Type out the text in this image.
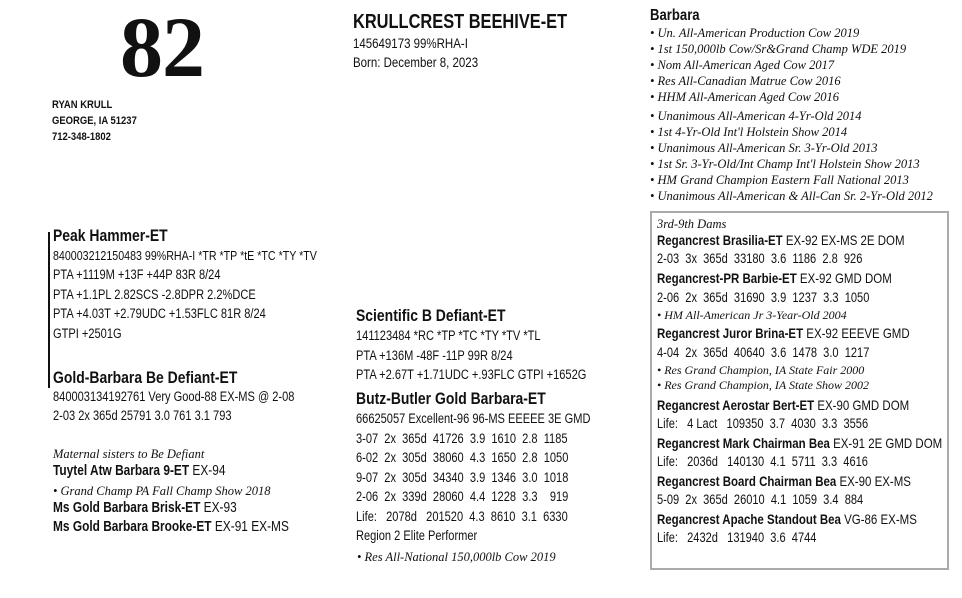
82
RYAN KRULL
GEORGE, IA 51237
712-348-1802
KRULLCREST BEEHIVE-ET
145649173 99%RHA-I
Born: December 8, 2023
Barbara
• Un. All-American Production Cow 2019
• 1st 150,000lb Cow/Sr&Grand Champ WDE 2019
• Nom All-American Aged Cow 2017
• Res All-Canadian Matrue Cow 2016
• HHM All-American Aged Cow 2016
• Unanimous All-American 4-Yr-Old 2014
• 1st 4-Yr-Old Int'l Holstein Show 2014
• Unanimous All-American Sr. 3-Yr-Old 2013
• 1st Sr. 3-Yr-Old/Int Champ Int'l Holstein Show 2013
• HM Grand Champion Eastern Fall National 2013
• Unanimous All-American & All-Can Sr. 2-Yr-Old 2012
Peak Hammer-ET
840003212150483 99%RHA-I *TR *TP *tE *TC *TY *TV
PTA +1119M +13F +44P 83R 8/24
PTA +1.1PL 2.82SCS -2.8DPR 2.2%DCE
PTA +4.03T +2.79UDC +1.53FLC 81R 8/24
GTPI +2501G
Gold-Barbara Be Defiant-ET
840003134192761 Very Good-88 EX-MS @ 2-08
2-03 2x 365d 25791 3.0 761 3.1 793
Maternal sisters to Be Defiant
Tuytel Atw Barbara 9-ET EX-94
• Grand Champ PA Fall Champ Show 2018
Ms Gold Barbara Brisk-ET EX-93
Ms Gold Barbara Brooke-ET EX-91 EX-MS
Scientific B Defiant-ET
141123484 *RC *TP *TC *TY *TV *TL
PTA +136M -48F -11P 99R 8/24
PTA +2.67T +1.71UDC +.93FLC GTPI +1652G
Butz-Butler Gold Barbara-ET
66625057 Excellent-96 96-MS EEEEE 3E GMD
3-07  2x  365d  41726  3.9  1610  2.8  1185
6-02  2x  305d  38060  4.3  1650  2.8  1050
9-07  2x  305d  34340  3.9  1346  3.0  1018
2-06  2x  339d  28060  4.4  1228  3.3    919
Life:   2078d   201520  4.3  8610  3.1  6330
Region 2 Elite Performer
• Res All-National 150,000lb Cow 2019
3rd-9th Dams
Regancrest Brasilia-ET EX-92 EX-MS 2E DOM
2-03  3x  365d  33180  3.6  1186  2.8  926
Regancrest-PR Barbie-ET EX-92 GMD DOM
2-06  2x  365d  31690  3.9  1237  3.3  1050
• HM All-American Jr 3-Year-Old 2004
Regancrest Juror Brina-ET EX-92 EEEVE GMD
4-04  2x  365d  40640  3.6  1478  3.0  1217
• Res Grand Champion, IA State Fair 2000
• Res Grand Champion, IA State Show 2002
Regancrest Aerostar Bert-ET EX-90 GMD DOM
Life:   4 Lact   109350  3.7  4030  3.3  3556
Regancrest Mark Chairman Bea EX-91 2E GMD DOM
Life:   2036d   140130  4.1  5711  3.3  4616
Regancrest Board Chairman Bea EX-90 EX-MS
5-09  2x  365d  26010  4.1  1059  3.4  884
Regancrest Apache Standout Bea VG-86 EX-MS
Life:   2432d   131940  3.6  4744
